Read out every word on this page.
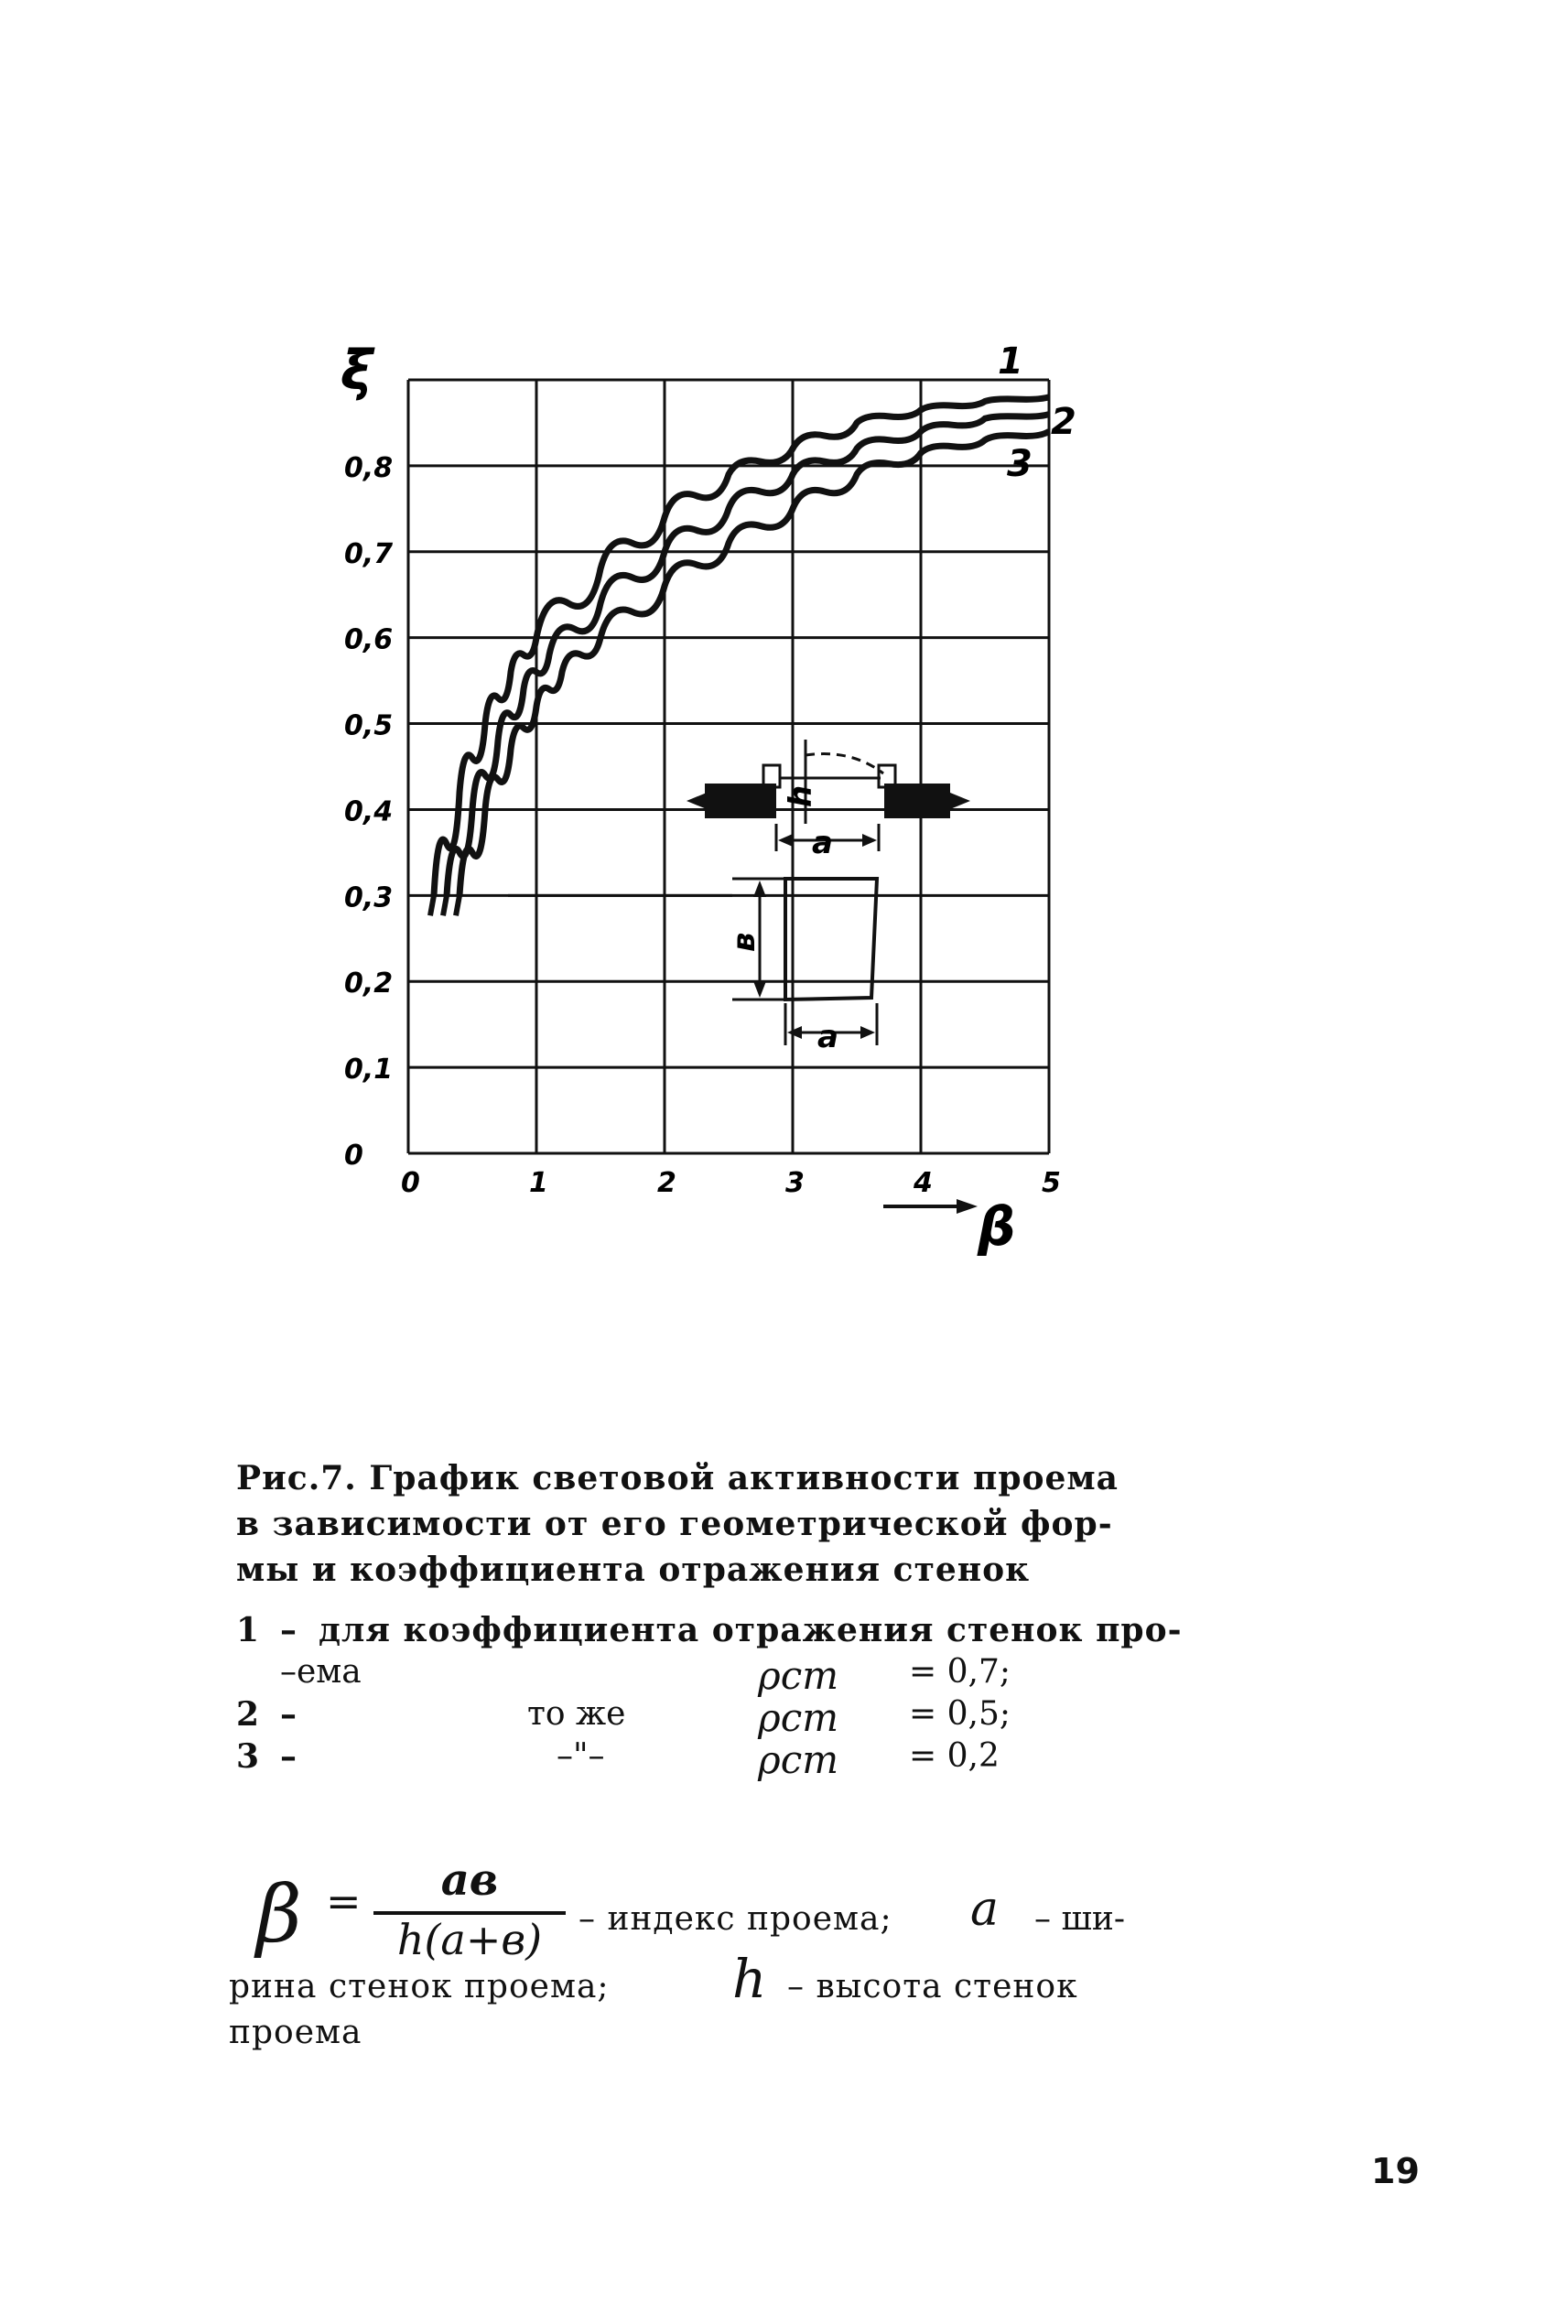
0	1	2	3	4	5
0
0,1
0,2
0,3
0,4
0,5
0,6
0,7
0,8
ξ
β
1
2
3
a
h
в
a
Рис.7. График световой активности проема
в зависимости от его геометрической фор-
мы и коэффициента отражения стенок
1 – для коэффициента отражения стенок про-
–ема	ρст = 0,7;
2 –	то же	ρст = 0,5;
3 –	–"–	ρст = 0,2
β =	aв
h(a+в)	– индекс проема; a – ши-
рина стенок проема; h – высота стенок
проема
19
